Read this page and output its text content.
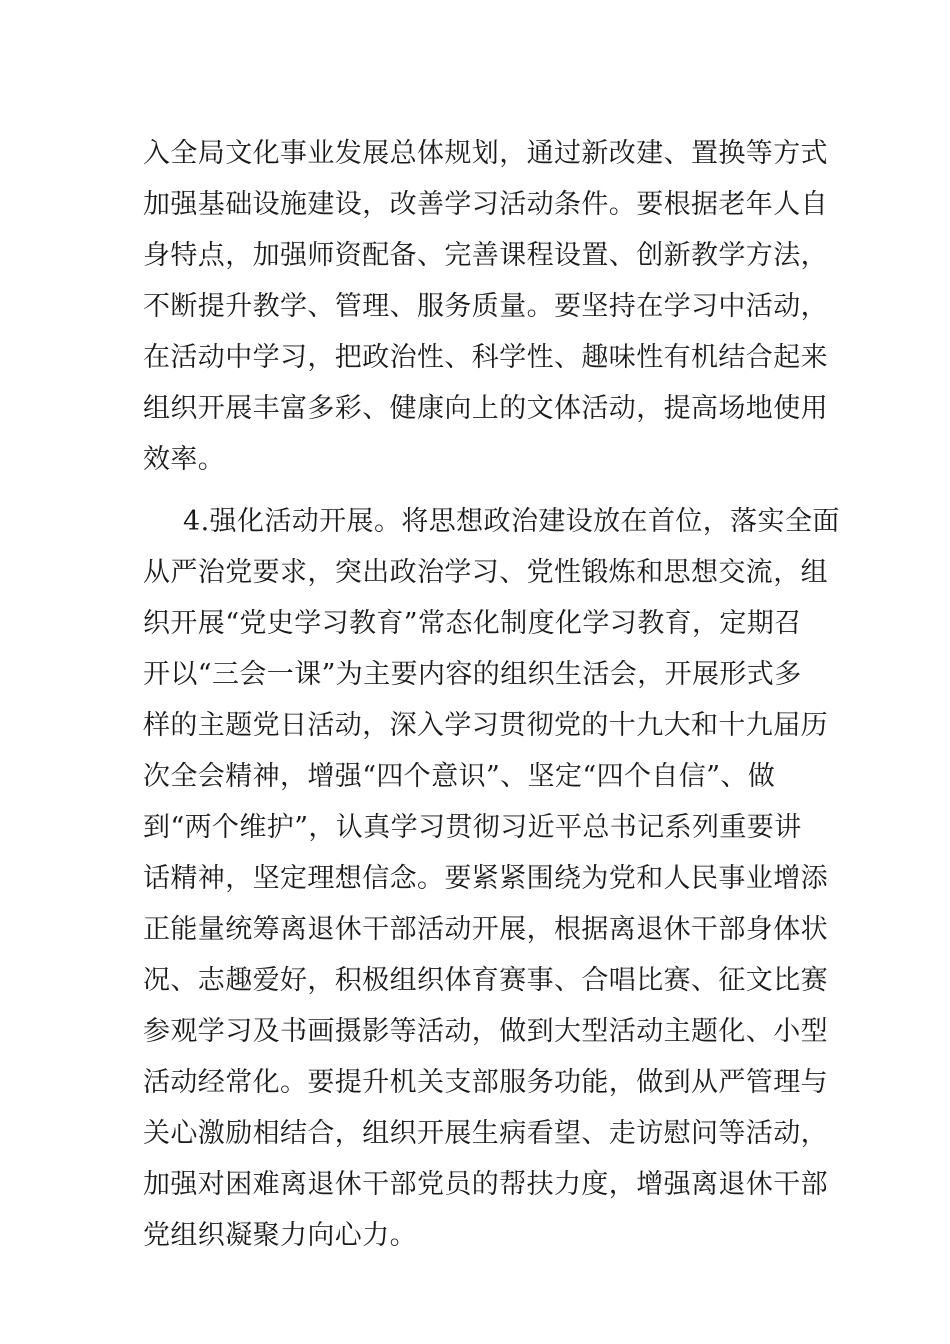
入全局文化事业发展总体规划，通过新改建、置换等方式
加强基础设施建设，改善学习活动条件。要根据老年人自
身特点，加强师资配备、完善课程设置、创新教学方法，
不断提升教学、管理、服务质量。要坚持在学习中活动，
在活动中学习，把政治性、科学性、趣味性有机结合起来
组织开展丰富多彩、健康向上的文体活动，提高场地使用
效率。
4.强化活动开展。将思想政治建设放在首位，落实全面
从严治党要求，突出政治学习、党性锻炼和思想交流，组
织开展“党史学习教育”常态化制度化学习教育，定期召
开以“三会一课”为主要内容的组织生活会，开展形式多
样的主题党日活动，深入学习贯彻党的十九大和十九届历
次全会精神，增强“四个意识”、坚定“四个自信”、做
到“两个维护”，认真学习贯彻习近平总书记系列重要讲
话精神，坚定理想信念。要紧紧围绕为党和人民事业增添
正能量统筹离退休干部活动开展，根据离退休干部身体状
况、志趣爱好，积极组织体育赛事、合唱比赛、征文比赛
参观学习及书画摄影等活动，做到大型活动主题化、小型
活动经常化。要提升机关支部服务功能，做到从严管理与
关心激励相结合，组织开展生病看望、走访慰问等活动，
加强对困难离退休干部党员的帮扶力度，增强离退休干部
党组织凝聚力向心力。
